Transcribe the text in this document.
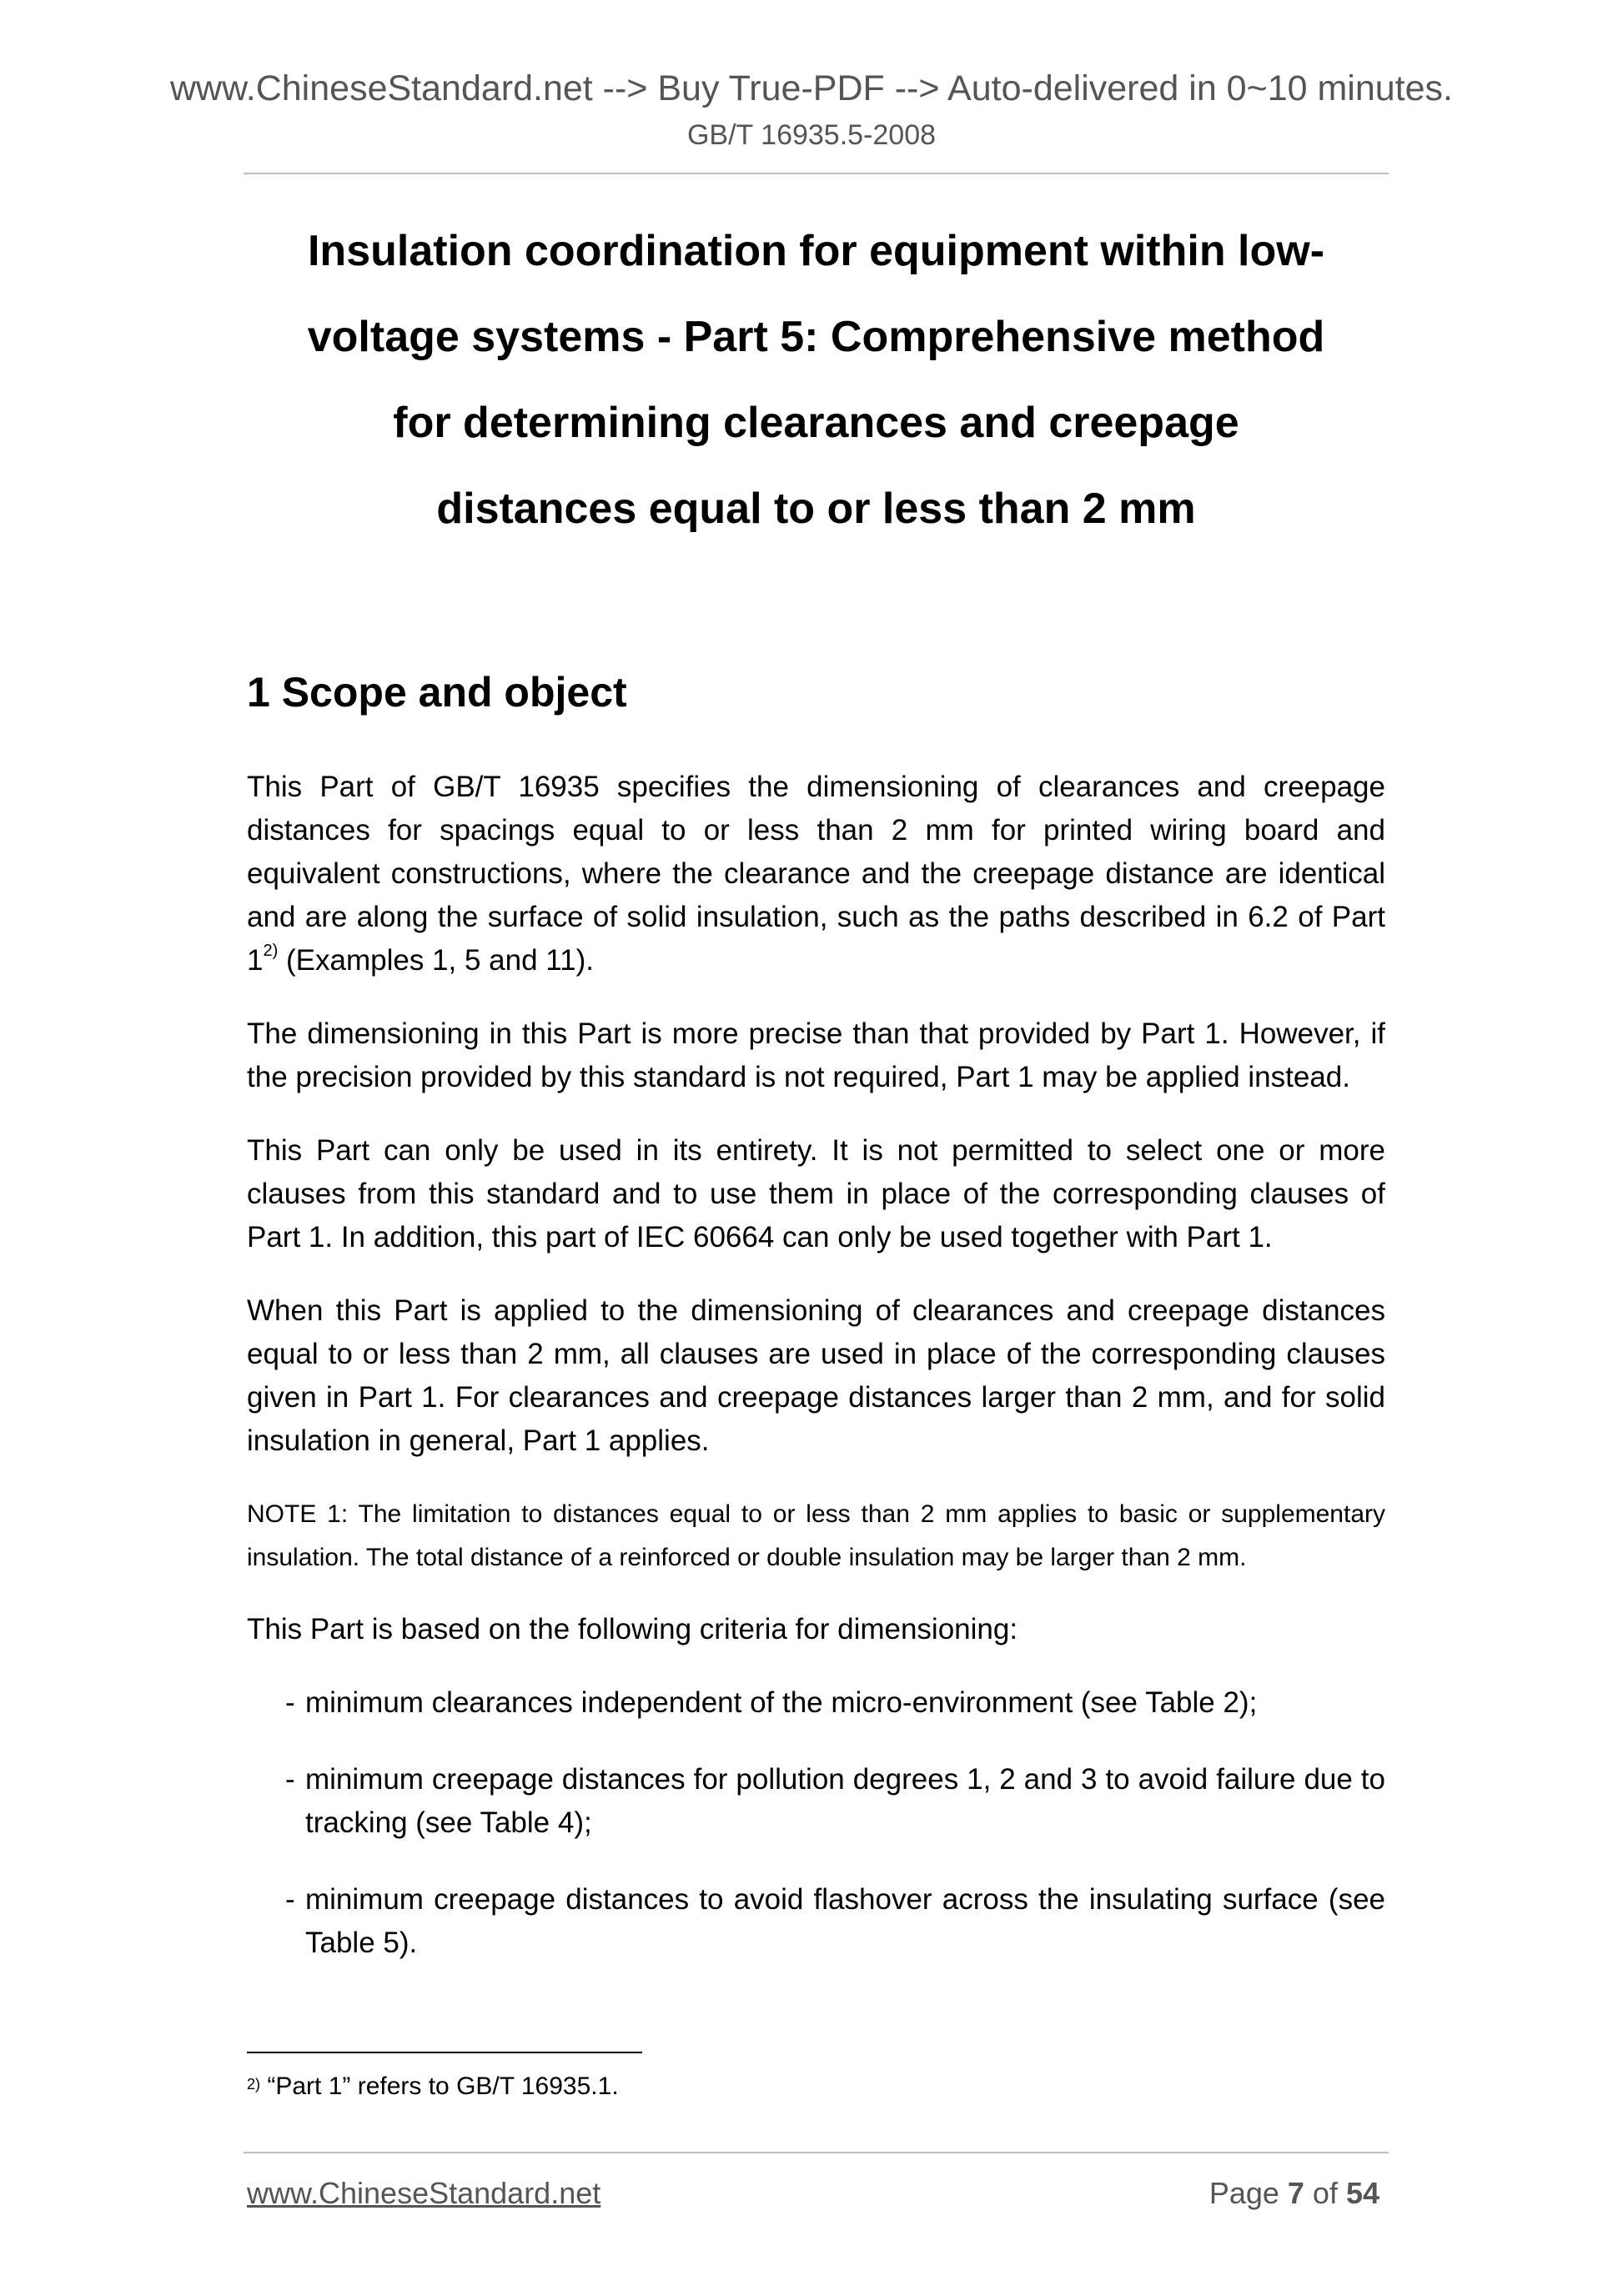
www.ChineseStandard.net --> Buy True-PDF --> Auto-delivered in 0~10 minutes.
GB/T 16935.5-2008
Insulation coordination for equipment within low-
voltage systems - Part 5: Comprehensive method
for determining clearances and creepage
distances equal to or less than 2 mm
1 Scope and object

This Part of GB/T 16935 specifies the dimensioning of clearances and creepage distances for spacings equal to or less than 2 mm for printed wiring board and equivalent constructions, where the clearance and the creepage distance are identical and are along the surface of solid insulation, such as the paths described in 6.2 of Part 1$^{2)}$ (Examples 1, 5 and 11).

The dimensioning in this Part is more precise than that provided by Part 1. However, if the precision provided by this standard is not required, Part 1 may be applied instead.

This Part can only be used in its entirety. It is not permitted to select one or more clauses from this standard and to use them in place of the corresponding clauses of Part 1. In addition, this part of IEC 60664 can only be used together with Part 1.

When this Part is applied to the dimensioning of clearances and creepage distances equal to or less than 2 mm, all clauses are used in place of the corresponding clauses given in Part 1. For clearances and creepage distances larger than 2 mm, and for solid insulation in general, Part 1 applies.

NOTE 1: The limitation to distances equal to or less than 2 mm applies to basic or supplementary insulation. The total distance of a reinforced or double insulation may be larger than 2 mm.

This Part is based on the following criteria for dimensioning:

- minimum clearances independent of the micro-environment (see Table 2);
- minimum creepage distances for pollution degrees 1, 2 and 3 to avoid failure due to tracking (see Table 4);
- minimum creepage distances to avoid flashover across the insulating surface (see Table 5).
$^{2)}$ “Part 1” refers to GB/T 16935.1.
www.ChineseStandard.net	Page 7 of 54
